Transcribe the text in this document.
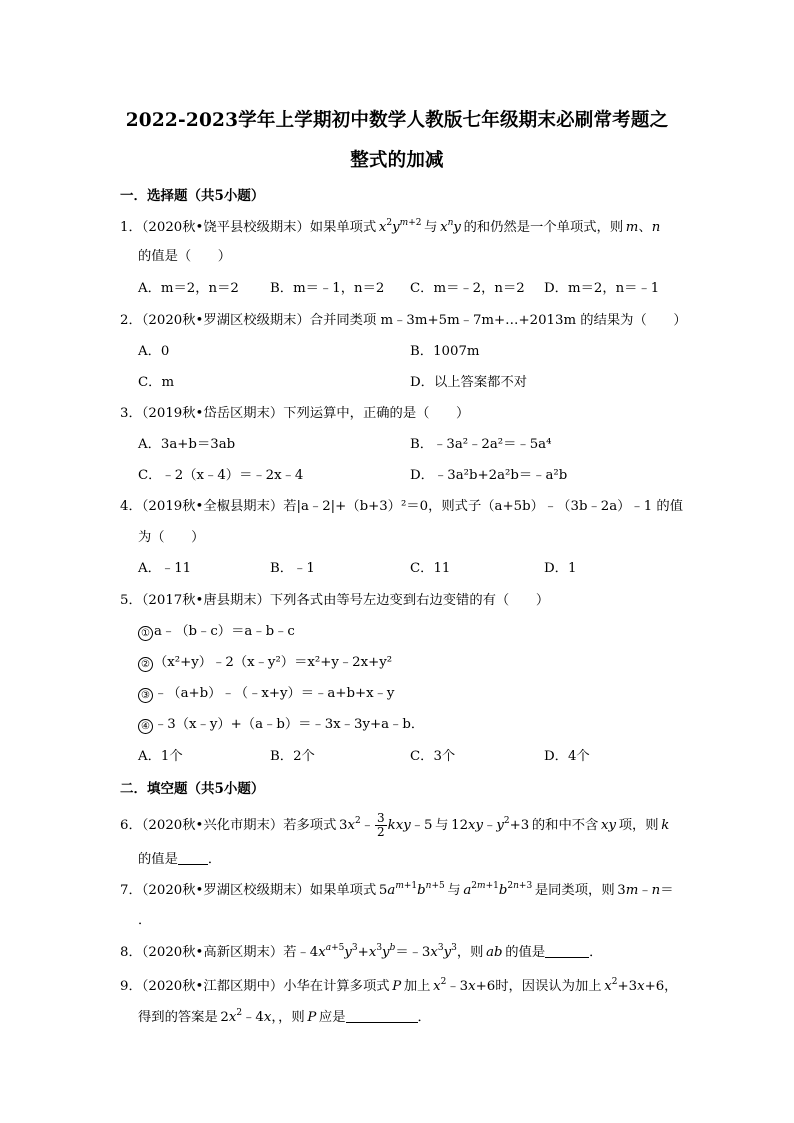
2022-2023学年上学期初中数学人教版七年级期末必刷常考题之
整式的加减
一．选择题（共5小题）
1．（2020秋•饶平县校级期末）如果单项式  $x^2y^{m+2}$  与  $x^ny$  的和仍然是一个单项式，则  m、n
的值是（　　）
A．m＝2，n＝2 B．m＝﹣1，n＝2 C．m＝﹣2，n＝2 D．m＝2，n＝﹣1
2．（2020秋•罗湖区校级期末）合并同类项 m﹣3m+5m﹣7m+…+2013m 的结果为（　　）
A．0	B．1007m
C．m	D．以上答案都不对
3．（2019秋•岱岳区期末）下列运算中，正确的是（　　）
A．3a+b＝3ab	B．﹣3a²﹣2a²＝﹣5a⁴
C．﹣2（x﹣4）＝﹣2x﹣4	D．﹣3a²b+2a²b＝﹣a²b
4．（2019秋•全椒县期末）若|a﹣2|+（b+3）²＝0，则式子（a+5b）﹣（3b﹣2a）﹣1 的值
为（　　）
A．﹣11	B．﹣1	C．11	D．1
5．（2017秋•唐县期末）下列各式由等号左边变到右边变错的有（　　）
① a﹣（b﹣c）＝a﹣b﹣c
② （x²+y）﹣2（x﹣y²）＝x²+y﹣2x+y²
③ ﹣（a+b）﹣（﹣x+y）＝﹣a+b+x﹣y
④ ﹣3（x﹣y）+（a﹣b）＝﹣3x﹣3y+a﹣b．
A．1个	B．2个	C．3个	D．4个
二．填空题（共5小题）
6．（2020秋•兴化市期末）若多项式 $3x^2﹣ \frac{3}{2}$ kxy﹣5 与 $12xy﹣y^2+3$ 的和中不含  xy  项，则  k
的值是 ．
7．（2020秋•罗湖区校级期末）如果单项式 $5a^{m+1}b^{n+5}$  与  $a^{2m+1}b^{2n+3}$  是同类项，则 3m﹣n＝
．
8．（2020秋•高新区期末）若$﹣4x^{a+5}y^3+x^3y^b=﹣3x^3y^3$，则  ab  的值是	．
9．（2020秋•江都区期中）小华在计算多项式  P  加上  $x^2﹣3x+6$时，因误认为加上  $x^2+3x+6$，
得到的答案是 $2x^2﹣4x$，，则  P  应是	．
